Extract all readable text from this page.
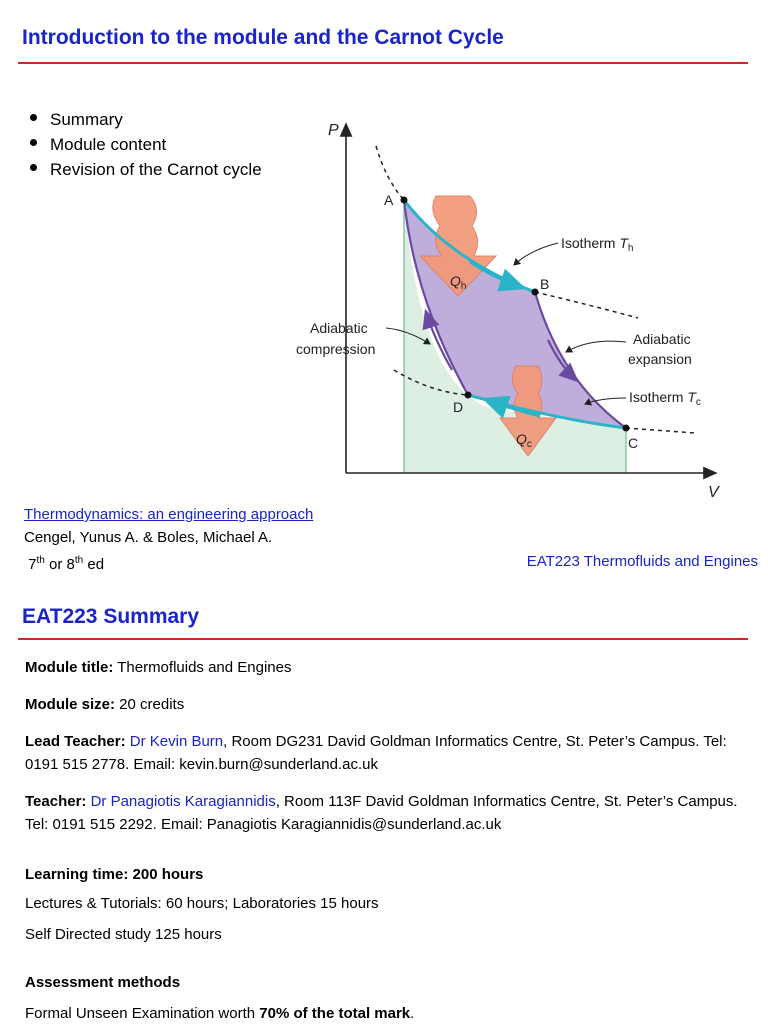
Introduction to the module and the Carnot Cycle
Summary
Module content
Revision of the Carnot cycle
P
V
A
B
C
D
Isotherm $T_h$
Isotherm $T_c$
Adiabatic
expansion
Adiabatic
compression
$Q_h$
$Q_c$
Thermodynamics: an engineering approach
Cengel, Yunus A. & Boles, Michael A.
7th or 8th ed	EAT223 Thermofluids and Engines
EAT223 Summary

Module title: Thermofluids and Engines

Module size: 20 credits

Lead Teacher: Dr Kevin Burn, Room DG231 David Goldman Informatics Centre, St. Peter’s Campus. Tel: 0191 515 2778. Email: kevin.burn@sunderland.ac.uk

Teacher: Dr Panagiotis Karagiannidis, Room 113F David Goldman Informatics Centre, St. Peter’s Campus. Tel: 0191 515 2292. Email: Panagiotis Karagiannidis@sunderland.ac.uk

Learning time: 200 hours

Lectures & Tutorials: 60 hours; Laboratories 15 hours

Self Directed study 125 hours

Assessment methods

Formal Unseen Examination worth 70% of the total mark.
